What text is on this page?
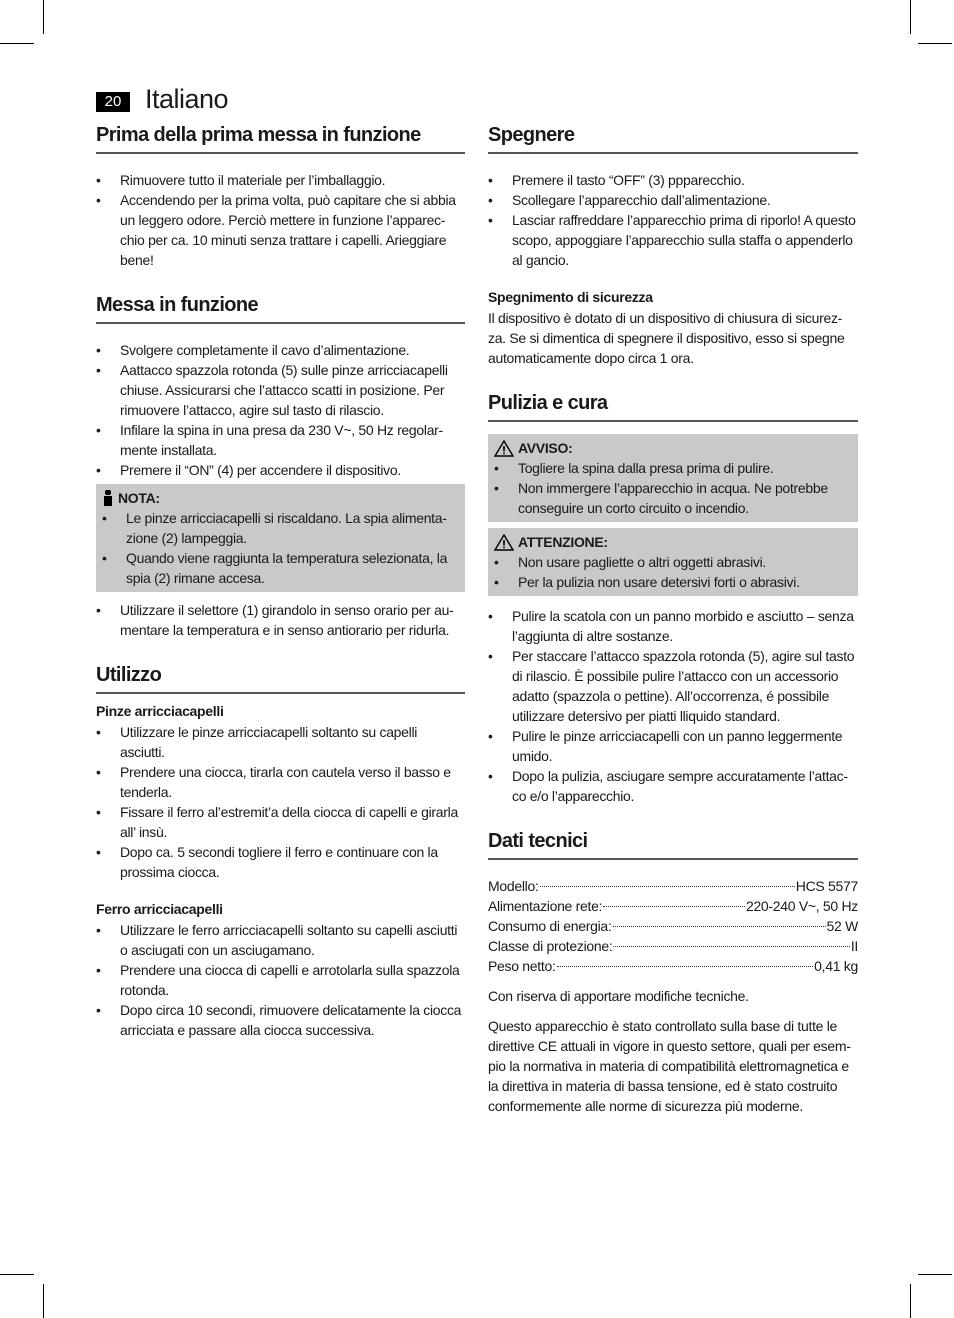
20 Italiano
Prima della prima messa in funzione
• Rimuovere tutto il materiale per l’imballaggio.
• Accendendo per la prima volta, può capitare che si abbia un leggero odore. Perciò mettere in funzione l’apparec-chio per ca. 10 minuti senza trattare i capelli. Arieggiare bene!
Messa in funzione
• Svolgere completamente il cavo d’alimentazione.
• Aattacco spazzola rotonda (5) sulle pinze arricciacapelli chiuse. Assicurarsi che l’attacco scatti in posizione. Per rimuovere l’attacco, agire sul tasto di rilascio.
• Infilare la spina in una presa da 230 V~, 50 Hz regolar-mente installata.
• Premere il “ON” (4) per accendere il dispositivo.
NOTA:
• Le pinze arricciacapelli si riscaldano. La spia alimenta-zione (2) lampeggia.
• Quando viene raggiunta la temperatura selezionata, la spia (2) rimane accesa.
• Utilizzare il selettore (1) girandolo in senso orario per au-mentare la temperatura e in senso antiorario per ridurla.
Utilizzo
Pinze arricciacapelli
• Utilizzare le pinze arricciacapelli soltanto su capelli asciutti.
• Prendere una ciocca, tirarla con cautela verso il basso e tenderla.
• Fissare il ferro al’estremit’a della ciocca di capelli e girarla all’ insù.
• Dopo ca. 5 secondi togliere il ferro e continuare con la prossima ciocca.
Ferro arricciacapelli
• Utilizzare le ferro arricciacapelli soltanto su capelli asciutti o asciugati con un asciugamano.
• Prendere una ciocca di capelli e arrotolarla sulla spazzola rotonda.
• Dopo circa 10 secondi, rimuovere delicatamente la ciocca arricciata e passare alla ciocca successiva.
Spegnere
• Premere il tasto “OFF” (3) ppparecchio.
• Scollegare l’apparecchio dall’alimentazione.
• Lasciar raffreddare l’apparecchio prima di riporlo! A questo scopo, appoggiare l’apparecchio sulla staffa o appenderlo al gancio.
Spegnimento di sicurezza

Il dispositivo è dotato di un dispositivo di chiusura di sicurez-za. Se si dimentica di spegnere il dispositivo, esso si spegne automaticamente dopo circa 1 ora.

Pulizia e cura
AVVISO:
• Togliere la spina dalla presa prima di pulire.
• Non immergere l’apparecchio in acqua. Ne potrebbe conseguire un corto circuito o incendio.
ATTENZIONE:
• Non usare pagliette o altri oggetti abrasivi.
• Per la pulizia non usare detersivi forti o abrasivi.
• Pulire la scatola con un panno morbido e asciutto – senza l’aggiunta di altre sostanze.
• Per staccare l’attacco spazzola rotonda (5), agire sul tasto di rilascio. È possibile pulire l’attacco con un accessorio adatto (spazzola o pettine). All’occorrenza, é possibile utilizzare detersivo per piatti lliquido standard.
• Pulire le pinze arricciacapelli con un panno leggermente umido.
• Dopo la pulizia, asciugare sempre accuratamente l’attac-co e/o l’apparecchio.
Dati tecnici
Modello:	HCS 5577
Alimentazione rete:	220-240 V~, 50 Hz
Consumo di energia:	52 W
Classe di protezione:	II
Peso netto:	0,41 kg

Con riserva di apportare modifiche tecniche.

Questo apparecchio è stato controllato sulla base di tutte le direttive CE attuali in vigore in questo settore, quali per esem-pio la normativa in materia di compatibilità elettromagnetica e la direttiva in materia di bassa tensione, ed è stato costruito conformemente alle norme di sicurezza più moderne.
